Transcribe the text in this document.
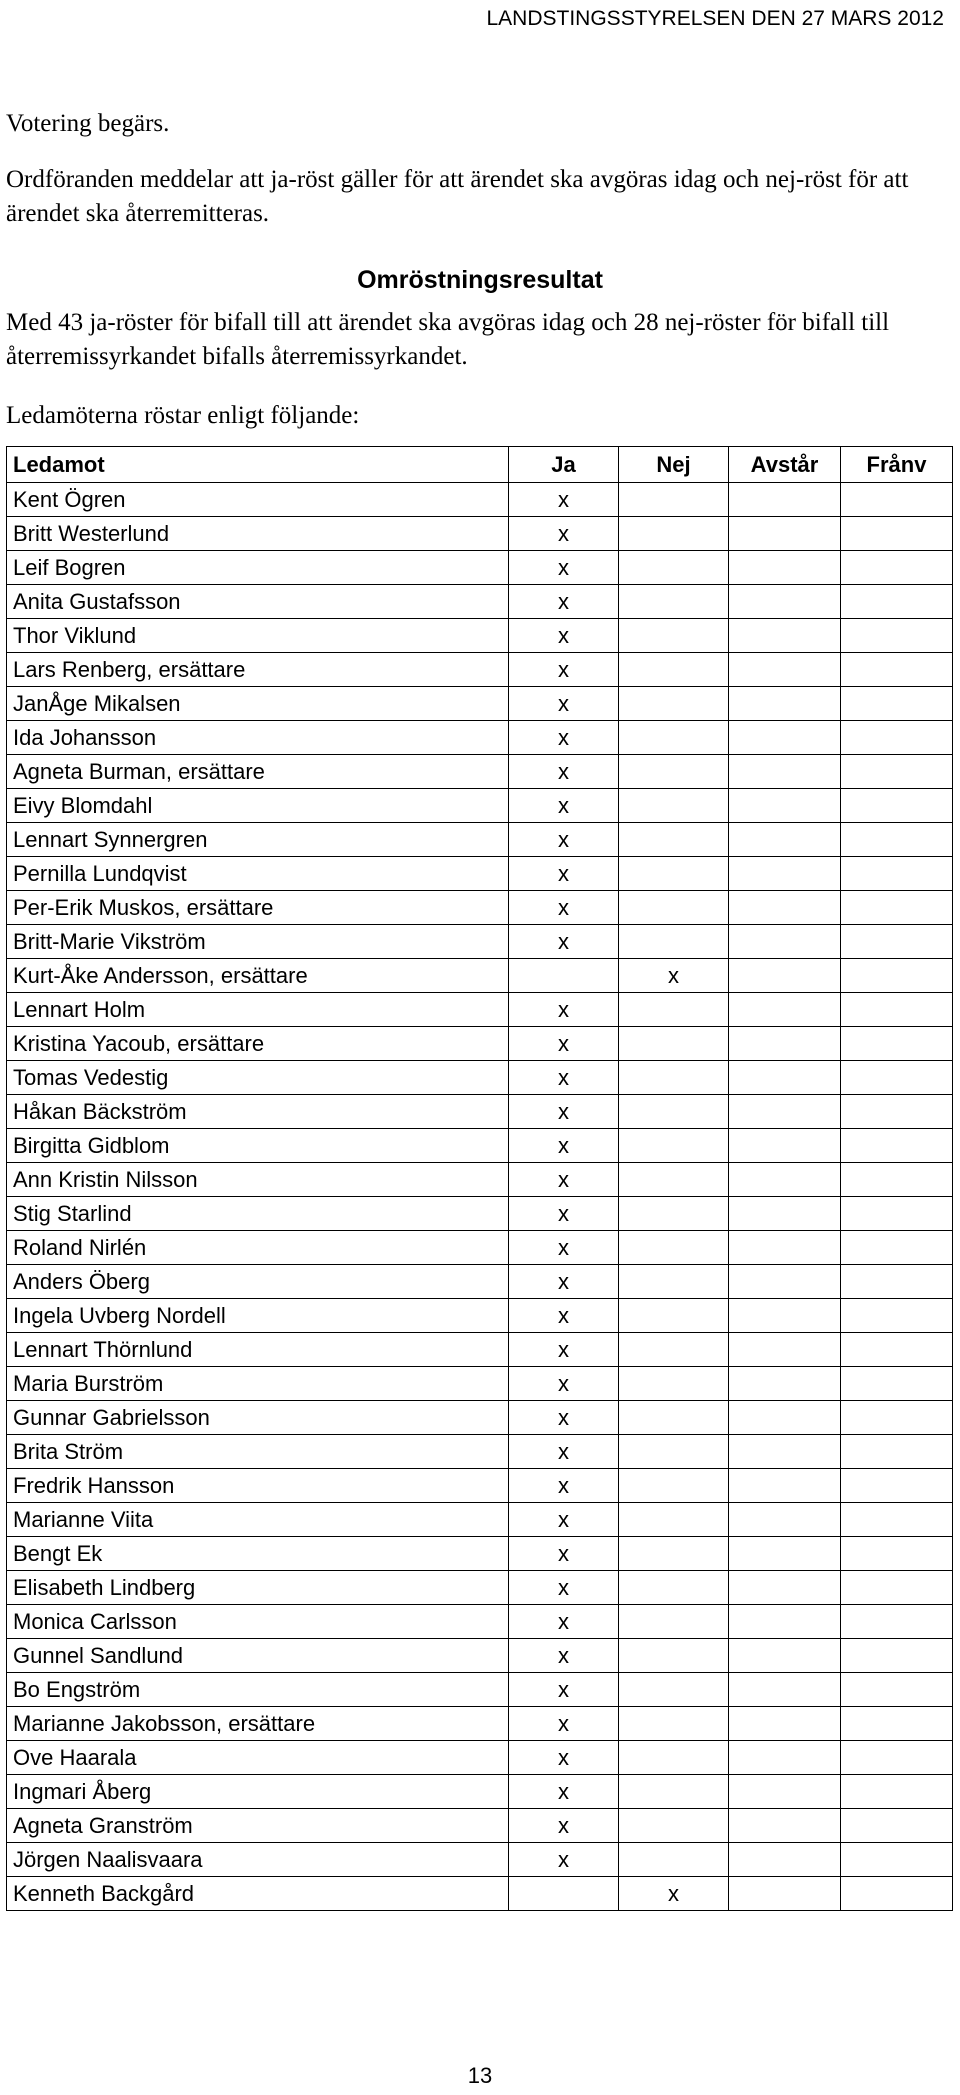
LANDSTINGSSTYRELSEN DEN 27 MARS 2012

Votering begärs.

Ordföranden meddelar att ja-röst gäller för att ärendet ska avgöras idag och nej-röst för att ärendet ska återremitteras.

Omröstningsresultat

Med 43 ja-röster för bifall till att ärendet ska avgöras idag och 28 nej-röster för bifall till återremissyrkandet bifalls återremissyrkandet.

Ledamöterna röstar enligt följande:

Ledamot	Ja	Nej	Avstår	Frånv
Kent Ögren	x			
Britt Westerlund	x			
Leif Bogren	x			
Anita Gustafsson	x			
Thor Viklund	x			
Lars Renberg, ersättare	x			
JanÅge Mikalsen	x			
Ida Johansson	x			
Agneta Burman, ersättare	x			
Eivy Blomdahl	x			
Lennart Synnergren	x			
Pernilla Lundqvist	x			
Per-Erik Muskos, ersättare	x			
Britt-Marie Vikström	x			
Kurt-Åke Andersson, ersättare		x		
Lennart Holm	x			
Kristina Yacoub, ersättare	x			
Tomas Vedestig	x			
Håkan Bäckström	x			
Birgitta Gidblom	x			
Ann Kristin Nilsson	x			
Stig Starlind	x			
Roland Nirlén	x			
Anders Öberg	x			
Ingela Uvberg Nordell	x			
Lennart Thörnlund	x			
Maria Burström	x			
Gunnar Gabrielsson	x			
Brita Ström	x			
Fredrik Hansson	x			
Marianne Viita	x			
Bengt Ek	x			
Elisabeth Lindberg	x			
Monica Carlsson	x			
Gunnel Sandlund	x			
Bo Engström	x			
Marianne Jakobsson, ersättare	x			
Ove Haarala	x			
Ingmari Åberg	x			
Agneta Granström	x			
Jörgen Naalisvaara	x			
Kenneth Backgård		x		
13
